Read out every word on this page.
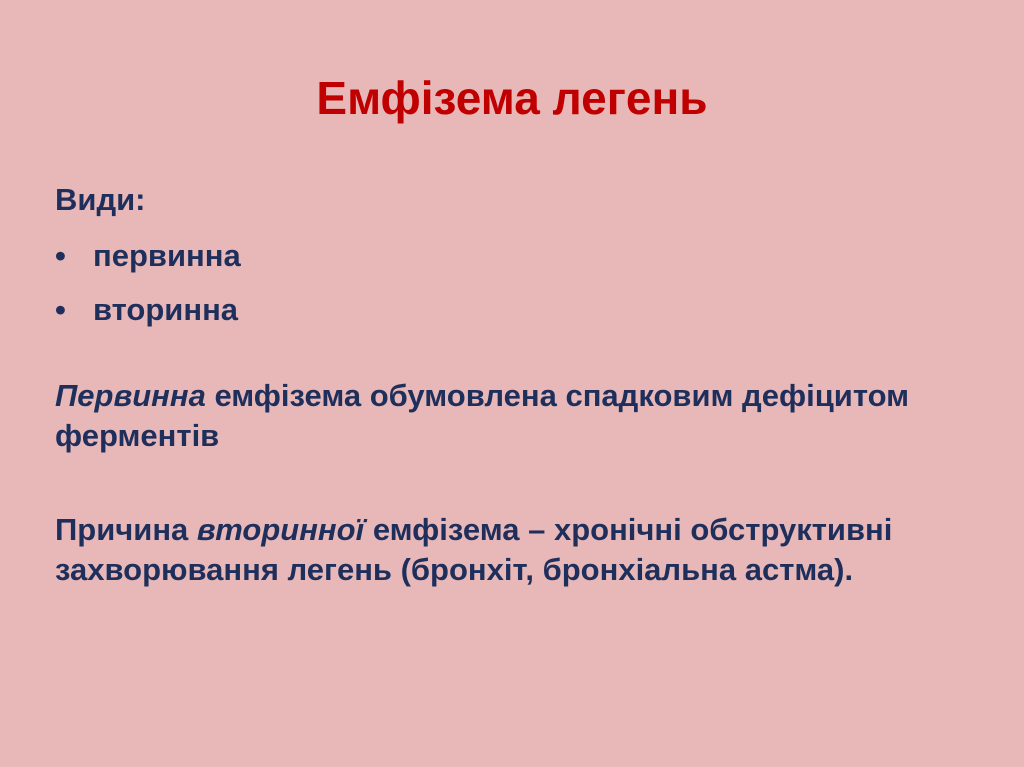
Емфізема легень

Види:

• первинна
• вторинна

Первинна емфізема обумовлена спадковим дефіцитом ферментів

Причина вторинної емфізема – хронічні обструктивні захворювання легень (бронхіт, бронхіальна астма).
